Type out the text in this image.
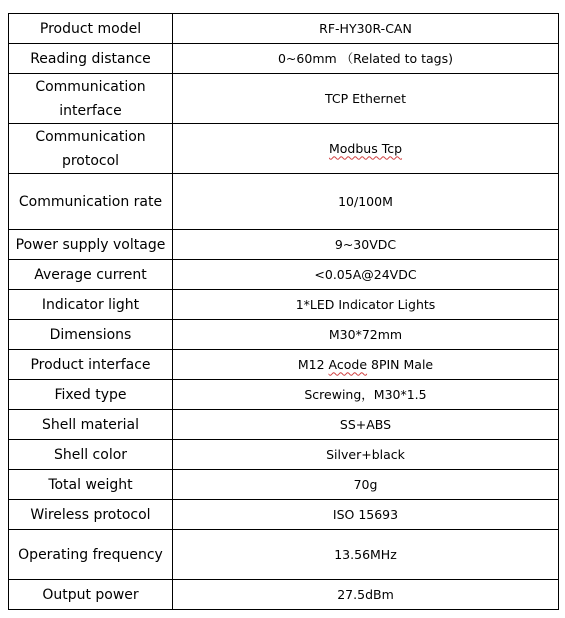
Product model	RF-HY30R-CAN
Reading distance	0~60mm （Related to tags)
Communication interface	TCP Ethernet
Communication protocol	Modbus Tcp
Communication rate	10/100M
Power supply voltage	9~30VDC
Average current	<0.05A@24VDC
Indicator light	1*LED Indicator Lights
Dimensions	M30*72mm
Product interface	M12 Acode 8PIN Male
Fixed type	Screwing，M30*1.5
Shell material	SS+ABS
Shell color	Silver+black
Total weight	70g
Wireless protocol	ISO 15693
Operating frequency	13.56MHz
Output power	27.5dBm
